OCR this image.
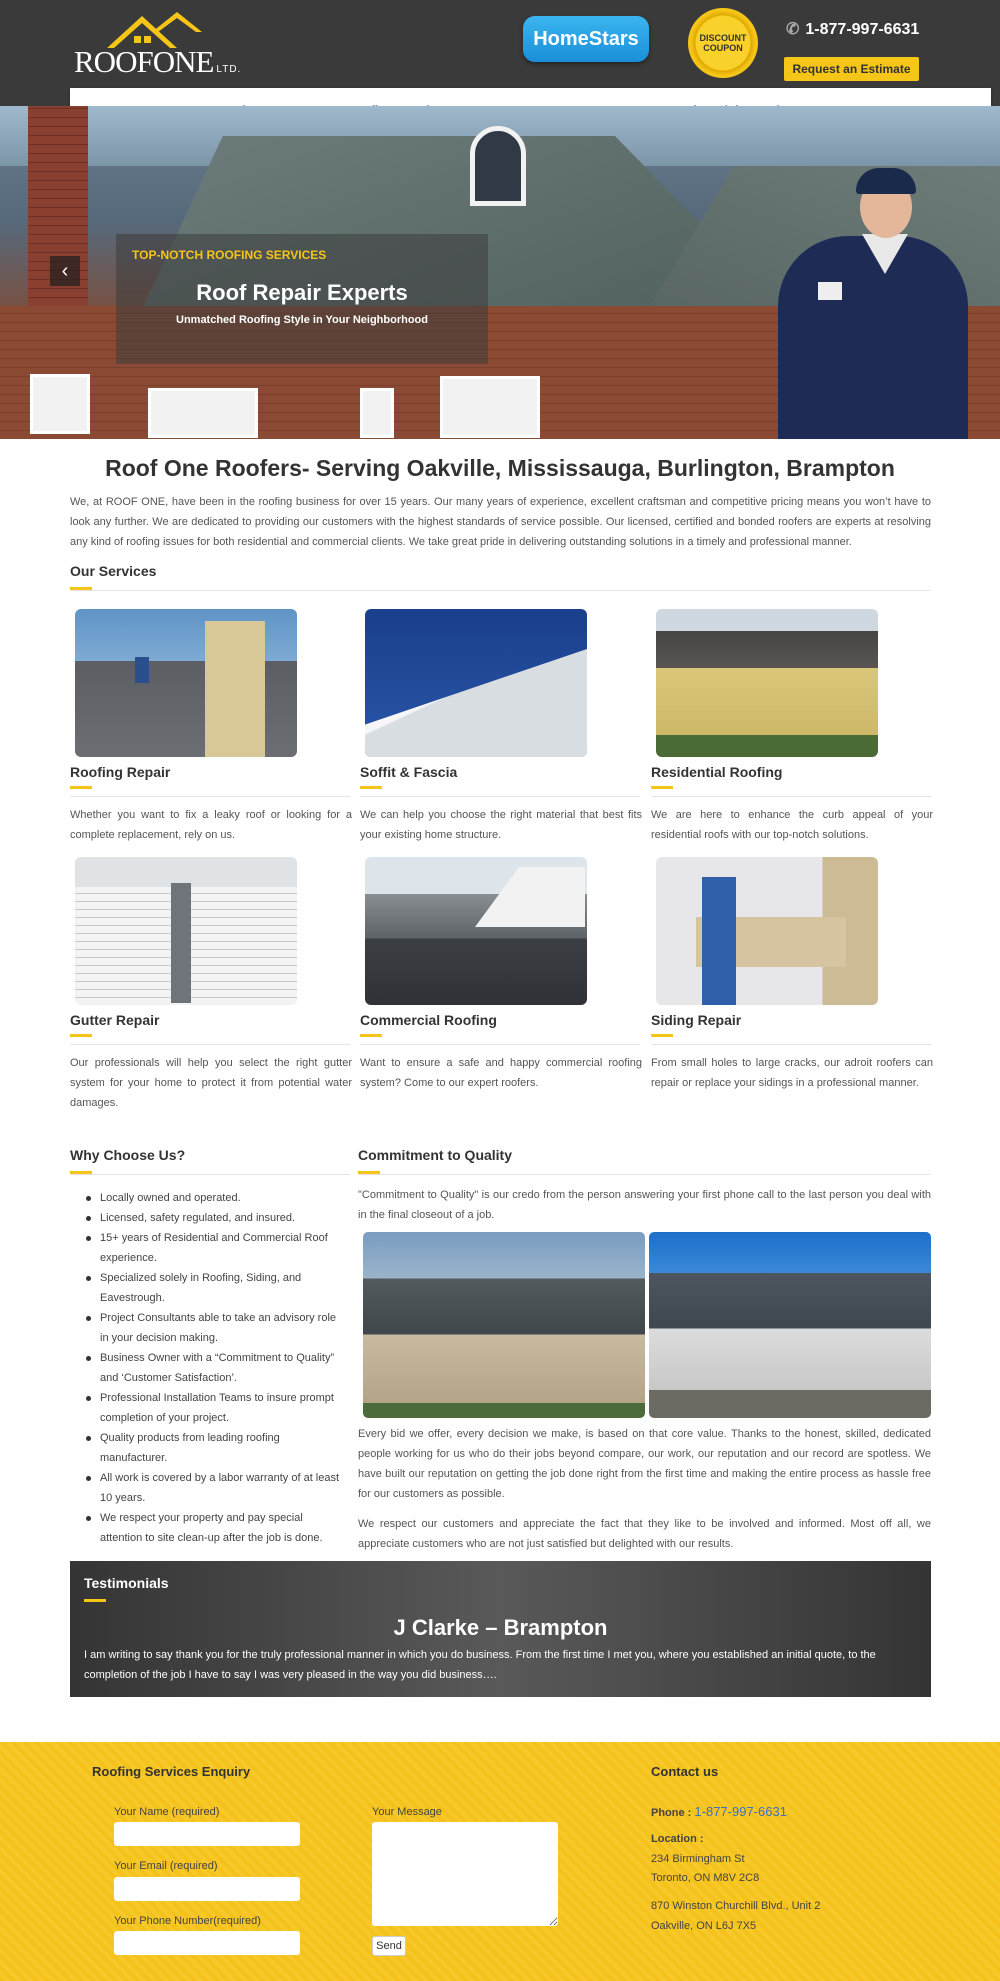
ROOFONE LTD.
HomeStars	DISCOUNT COUPON
✆ 1-877-997-6631
Request an Estimate
TOP-NOTCH ROOFING SERVICES
Roof Repair Experts
Unmatched Roofing Style in Your Neighborhood
‹
Roof One Roofers- Serving Oakville, Mississauga, Burlington, Brampton
We, at ROOF ONE, have been in the roofing business for over 15 years. Our many years of experience, excellent craftsman and competitive pricing means you won’t have to look any further. We are dedicated to providing our customers with the highest standards of service possible. Our licensed, certified and bonded roofers are experts at resolving any kind of roofing issues for both residential and commercial clients. We take great pride in delivering outstanding solutions in a timely and professional manner.
Our Services
Roofing Repair	Soffit & Fascia	Residential Roofing
Whether you want to fix a leaky roof or looking for a complete replacement, rely on us.
We can help you choose the right material that best fits your existing home structure.
We are here to enhance the curb appeal of your residential roofs with our top-notch solutions.
Gutter Repair	Commercial Roofing	Siding Repair
Our professionals will help you select the right gutter system for your home to protect it from potential water damages.
Want to ensure a safe and happy commercial roofing system? Come to our expert roofers.
From small holes to large cracks, our adroit roofers can repair or replace your sidings in a professional manner.
Why Choose Us?
Locally owned and operated.
Licensed, safety regulated, and insured.
15+ years of Residential and Commercial Roof experience.
Specialized solely in Roofing, Siding, and Eavestrough.
Project Consultants able to take an advisory role in your decision making.
Business Owner with a “Commitment to Quality” and ‘Customer Satisfaction’.
Professional Installation Teams to insure prompt completion of your project.
Quality products from leading roofing manufacturer.
All work is covered by a labor warranty of at least 10 years.
We respect your property and pay special attention to site clean-up after the job is done.
Commitment to Quality
"Commitment to Quality" is our credo from the person answering your first phone call to the last person you deal with in the final closeout of a job.
Every bid we offer, every decision we make, is based on that core value. Thanks to the honest, skilled, dedicated people working for us who do their jobs beyond compare, our work, our reputation and our record are spotless. We have built our reputation on getting the job done right from the first time and making the entire process as hassle free for our customers as possible.
We respect our customers and appreciate the fact that they like to be involved and informed. Most off all, we appreciate customers who are not just satisfied but delighted with our results.
Testimonials
J Clarke – Brampton
I am writing to say thank you for the truly professional manner in which you do business. From the first time I met you, where you established an initial quote, to the completion of the job I have to say I was very pleased in the way you did business….
Roofing Services Enquiry
Your Name (required)
Your Email (required)
Your Phone Number(required)
Your Message
Send
Contact us
Phone : 1-877-997-6631
Location :
234 Birmingham St
Toronto, ON M8V 2C8
870 Winston Churchill Blvd., Unit 2
Oakville, ON L6J 7X5
